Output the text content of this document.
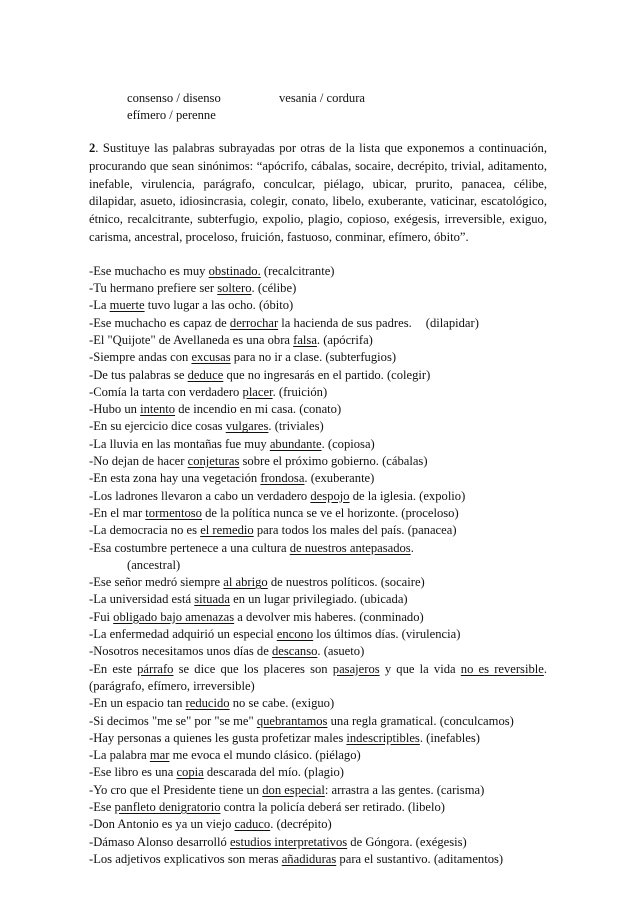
consenso / disenso	vesania / cordura
efímero / perenne

2. Sustituye las palabras subrayadas por otras de la lista que exponemos a continuación, procurando que sean sinónimos: “apócrifo, cábalas, socaire, decrépito, trivial, aditamento, inefable, virulencia, parágrafo, conculcar, piélago, ubicar, prurito, panacea, célibe, dilapidar, asueto, idiosincrasia, colegir, conato, libelo, exuberante, vaticinar, escatológico, étnico, recalcitrante, subterfugio, expolio, plagio, copioso, exégesis, irreversible, exiguo, carisma, ancestral, proceloso, fruición, fastuoso, conminar, efímero, óbito”.

-Ese muchacho es muy obstinado. (recalcitrante)
-Tu hermano prefiere ser soltero. (célibe)
-La muerte tuvo lugar a las ocho. (óbito)
-Ese muchacho es capaz de derrochar la hacienda de sus padres. (dilapidar)
-El "Quijote" de Avellaneda es una obra falsa. (apócrifa)
-Siempre andas con excusas para no ir a clase. (subterfugios)
-De tus palabras se deduce que no ingresarás en el partido. (colegir)
-Comía la tarta con verdadero placer. (fruición)
-Hubo un intento de incendio en mi casa. (conato)
-En su ejercicio dice cosas vulgares. (triviales)
-La lluvia en las montañas fue muy abundante. (copiosa)
-No dejan de hacer conjeturas sobre el próximo gobierno. (cábalas)
-En esta zona hay una vegetación frondosa. (exuberante)
-Los ladrones llevaron a cabo un verdadero despojo de la iglesia. (expolio)
-En el mar tormentoso de la política nunca se ve el horizonte. (proceloso)
-La democracia no es el remedio para todos los males del país. (panacea)
-Esa costumbre pertenece a una cultura de nuestros antepasados.
(ancestral)
-Ese señor medró siempre al abrigo de nuestros políticos. (socaire)
-La universidad está situada en un lugar privilegiado. (ubicada)
-Fui obligado bajo amenazas a devolver mis haberes. (conminado)
-La enfermedad adquirió un especial encono los últimos días. (virulencia)
-Nosotros necesitamos unos días de descanso. (asueto)
-En este párrafo se dice que los placeres son pasajeros y que la vida no es reversible. (parágrafo, efímero, irreversible)
-En un espacio tan reducido no se cabe. (exiguo)
-Si decimos "me se" por "se me" quebrantamos una regla gramatical. (conculcamos)
-Hay personas a quienes les gusta profetizar males indescriptibles. (inefables)
-La palabra mar me evoca el mundo clásico. (piélago)
-Ese libro es una copia descarada del mío. (plagio)
-Yo cro que el Presidente tiene un don especial: arrastra a las gentes. (carisma)
-Ese panfleto denigratorio contra la policía deberá ser retirado. (libelo)
-Don Antonio es ya un viejo caduco. (decrépito)
-Dámaso Alonso desarrolló estudios interpretativos de Góngora. (exégesis)
-Los adjetivos explicativos son meras añadiduras para el sustantivo. (aditamentos)
